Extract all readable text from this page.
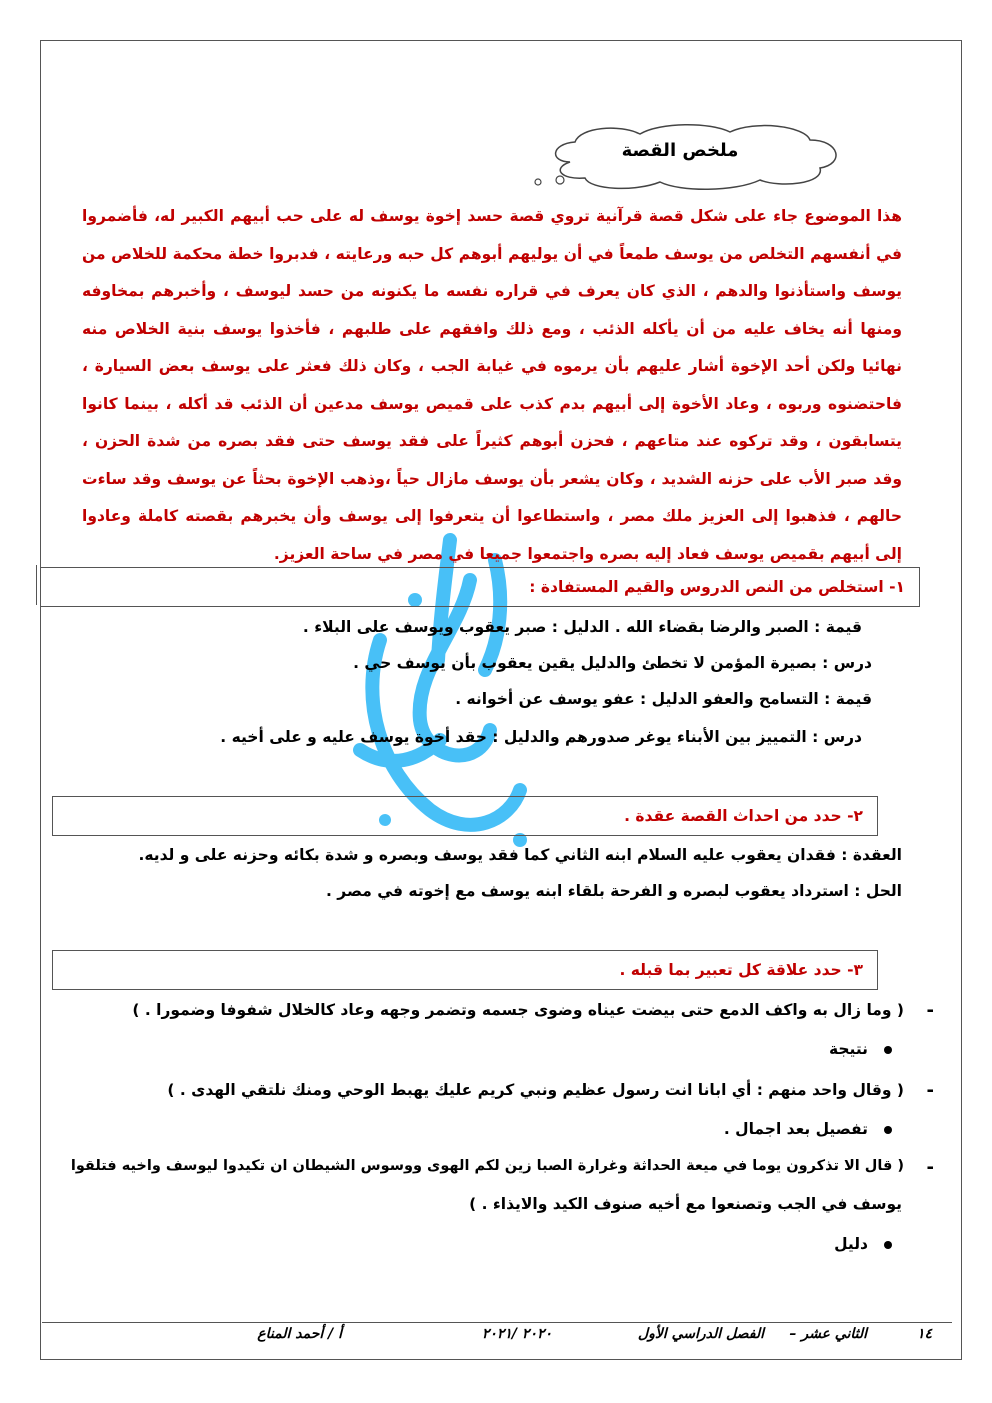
ملخص القصة

هذا الموضوع جاء على شكل قصة قرآنية تروي قصة حسد إخوة يوسف له على حب أبيهم الكبير له، فأضمروا في أنفسهم التخلص من يوسف طمعاً في أن يوليهم أبوهم كل حبه ورعايته ، فدبروا خطة محكمة للخلاص من يوسف واستأذنوا والدهم ، الذي كان يعرف في قراره نفسه ما يكنونه من حسد ليوسف ، وأخبرهم بمخاوفه ومنها أنه يخاف عليه من أن يأكله الذئب ، ومع ذلك وافقهم على طلبهم ، فأخذوا يوسف بنية الخلاص منه نهائيا ولكن أحد الإخوة أشار عليهم بأن يرموه في غيابة الجب ، وكان ذلك فعثر على يوسف بعض السيارة ، فاحتضنوه وربوه ، وعاد الأخوة إلى أبيهم بدم كذب على قميص يوسف مدعين أن الذئب قد أكله ، بينما كانوا يتسابقون ، وقد تركوه عند متاعهم ، فحزن أبوهم كثيراً على فقد يوسف حتى فقد بصره من شدة الحزن ، وقد صبر الأب على حزنه الشديد ، وكان يشعر بأن يوسف مازال حياً ،وذهب الإخوة بحثاً عن يوسف وقد ساءت حالهم ، فذهبوا إلى العزيز ملك مصر ، واستطاعوا أن يتعرفوا إلى يوسف وأن يخبرهم بقصته كاملة وعادوا إلى أبيهم بقميص يوسف فعاد إليه بصره واجتمعوا جميعا في مصر في ساحة العزيز.

١- استخلص من النص الدروس والقيم المستفادة :

قيمة : الصبر والرضا بقضاء الله . الدليل : صبر يعقوب ويوسف على البلاء .

درس : بصيرة المؤمن لا تخطئ والدليل يقين يعقوب بأن يوسف حي .

قيمة : التسامح والعفو الدليل : عفو يوسف عن أخوانه .

درس : التمييز بين الأبناء يوغر صدورهم والدليل : حقد أخوة يوسف عليه و على أخيه .

٢- حدد من احداث القصة عقدة .

العقدة : فقدان يعقوب عليه السلام ابنه الثاني كما فقد يوسف وبصره و شدة بكائه وحزنه على و لديه.

الحل : استرداد يعقوب لبصره و الفرحة بلقاء ابنه يوسف مع إخوته في مصر .

٣- حدد علاقة كل تعبير بما قبله .
-

( وما زال به واكف الدمع حتى بيضت عيناه وضوى جسمه وتضمر وجهه وعاد كالخلال شفوفا وضمورا . )

نتيجة

-

( وقال واحد منهم : أي ابانا انت رسول عظيم ونبي كريم عليك يهبط الوحي ومنك نلتقي الهدى . )

تفصيل بعد اجمال .

-

( قال الا تذكرون يوما في ميعة الحداثة وغرارة الصبا زين لكم الهوى ووسوس الشيطان ان تكيدوا ليوسف واخيه فتلقوا

يوسف في الجب وتصنعوا مع أخيه صنوف الكيد والايذاء . )

دليل

١٤
الثاني عشر –
الفصل الدراسي الأول
٢٠٢٠ /٢٠٢١
أ / أحمد المناع
